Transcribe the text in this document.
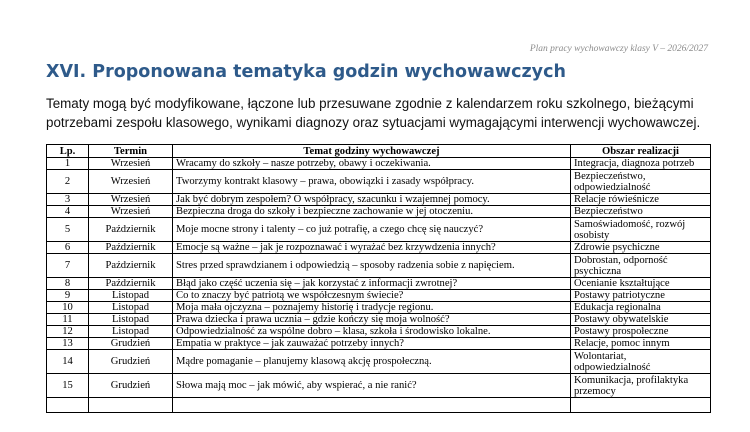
Plan pracy wychowawczy klasy V – 2026/2027
XVI. Proponowana tematyka godzin wychowawczych
Tematy mogą być modyfikowane, łączone lub przesuwane zgodnie z kalendarzem roku szkolnego, bieżącymi
potrzebami zespołu klasowego, wynikami diagnozy oraz sytuacjami wymagającymi interwencji wychowawczej.
Lp.	Termin	Temat godziny wychowawczej	Obszar realizacji
1	Wrzesień	Wracamy do szkoły – nasze potrzeby, obawy i oczekiwania.	Integracja, diagnoza potrzeb

2	Wrzesień	Tworzymy kontrakt klasowy – prawa, obowiązki i zasady współpracy.	Bezpieczeństwo,
odpowiedzialność

3	Wrzesień	Jak być dobrym zespołem? O współpracy, szacunku i wzajemnej pomocy.	Relacje rówieśnicze

4	Wrzesień	Bezpieczna droga do szkoły i bezpieczne zachowanie w jej otoczeniu.	Bezpieczeństwo

5	Październik	Moje mocne strony i talenty – co już potrafię, a czego chcę się nauczyć?	Samoświadomość, rozwój
osobisty

6	Październik	Emocje są ważne – jak je rozpoznawać i wyrażać bez krzywdzenia innych?	Zdrowie psychiczne

7	Październik	Stres przed sprawdzianem i odpowiedzią – sposoby radzenia sobie z napięciem.	Dobrostan, odporność
psychiczna

8	Październik	Błąd jako część uczenia się – jak korzystać z informacji zwrotnej?	Ocenianie kształtujące

9	Listopad	Co to znaczy być patriotą we współczesnym świecie?	Postawy patriotyczne

10	Listopad	Moja mała ojczyzna – poznajemy historię i tradycje regionu.	Edukacja regionalna

11	Listopad	Prawa dziecka i prawa ucznia – gdzie kończy się moja wolność?	Postawy obywatelskie

12	Listopad	Odpowiedzialność za wspólne dobro – klasa, szkoła i środowisko lokalne.	Postawy prospołeczne

13	Grudzień	Empatia w praktyce – jak zauważać potrzeby innych?	Relacje, pomoc innym

14	Grudzień	Mądre pomaganie – planujemy klasową akcję prospołeczną.	Wolontariat,
odpowiedzialność

15	Grudzień	Słowa mają moc – jak mówić, aby wspierać, a nie ranić?	Komunikacja, profilaktyka
przemocy
